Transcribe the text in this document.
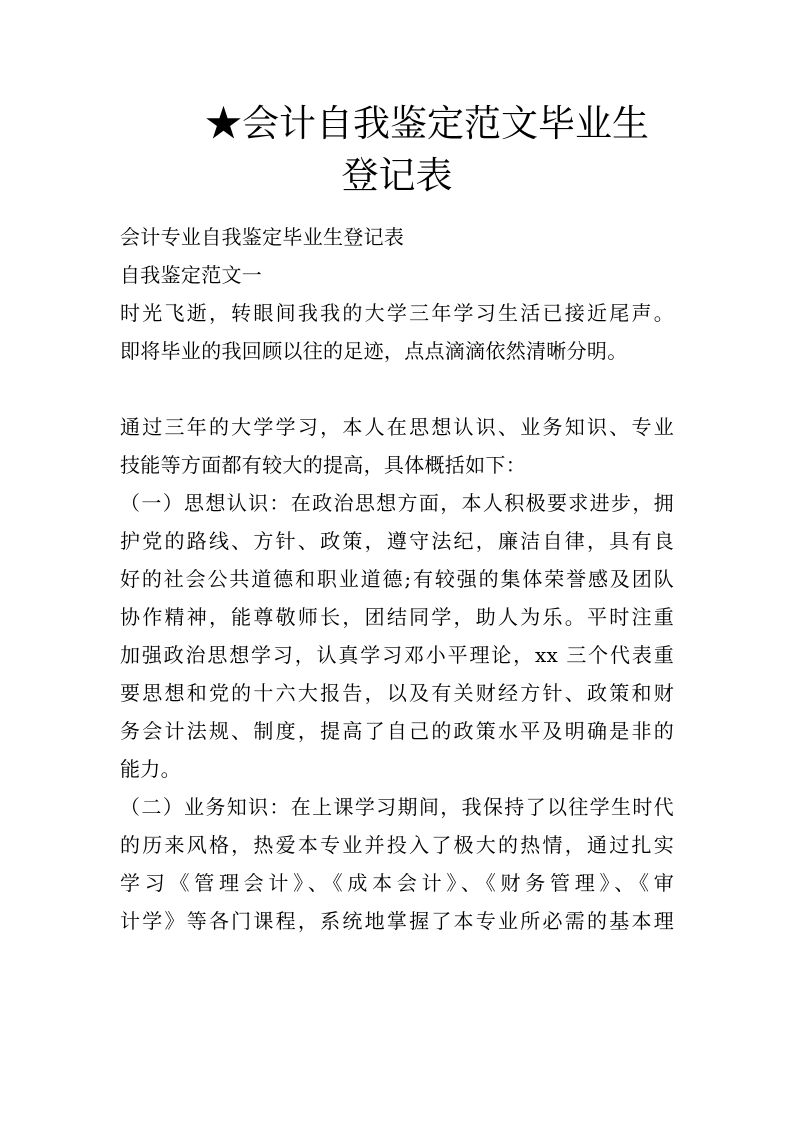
★会计自我鉴定范文毕业生
登记表
会计专业自我鉴定毕业生登记表
自我鉴定范文一
时光飞逝，转眼间我我的大学三年学习生活已接近尾声。
即将毕业的我回顾以往的足迹，点点滴滴依然清晰分明。
通过三年的大学学习，本人在思想认识、业务知识、专业
技能等方面都有较大的提高，具体概括如下：
（一）思想认识：在政治思想方面，本人积极要求进步，拥
护党的路线、方针、政策，遵守法纪，廉洁自律，具有良
好的社会公共道德和职业道德;有较强的集体荣誉感及团队
协作精神，能尊敬师长，团结同学，助人为乐。平时注重
加强政治思想学习，认真学习邓小平理论，xx 三个代表重
要思想和党的十六大报告，以及有关财经方针、政策和财
务会计法规、制度，提高了自己的政策水平及明确是非的
能力。
（二）业务知识：在上课学习期间，我保持了以往学生时代
的历来风格，热爱本专业并投入了极大的热情，通过扎实
学习《管理会计》、《成本会计》、《财务管理》、《审
计学》等各门课程，系统地掌握了本专业所必需的基本理
